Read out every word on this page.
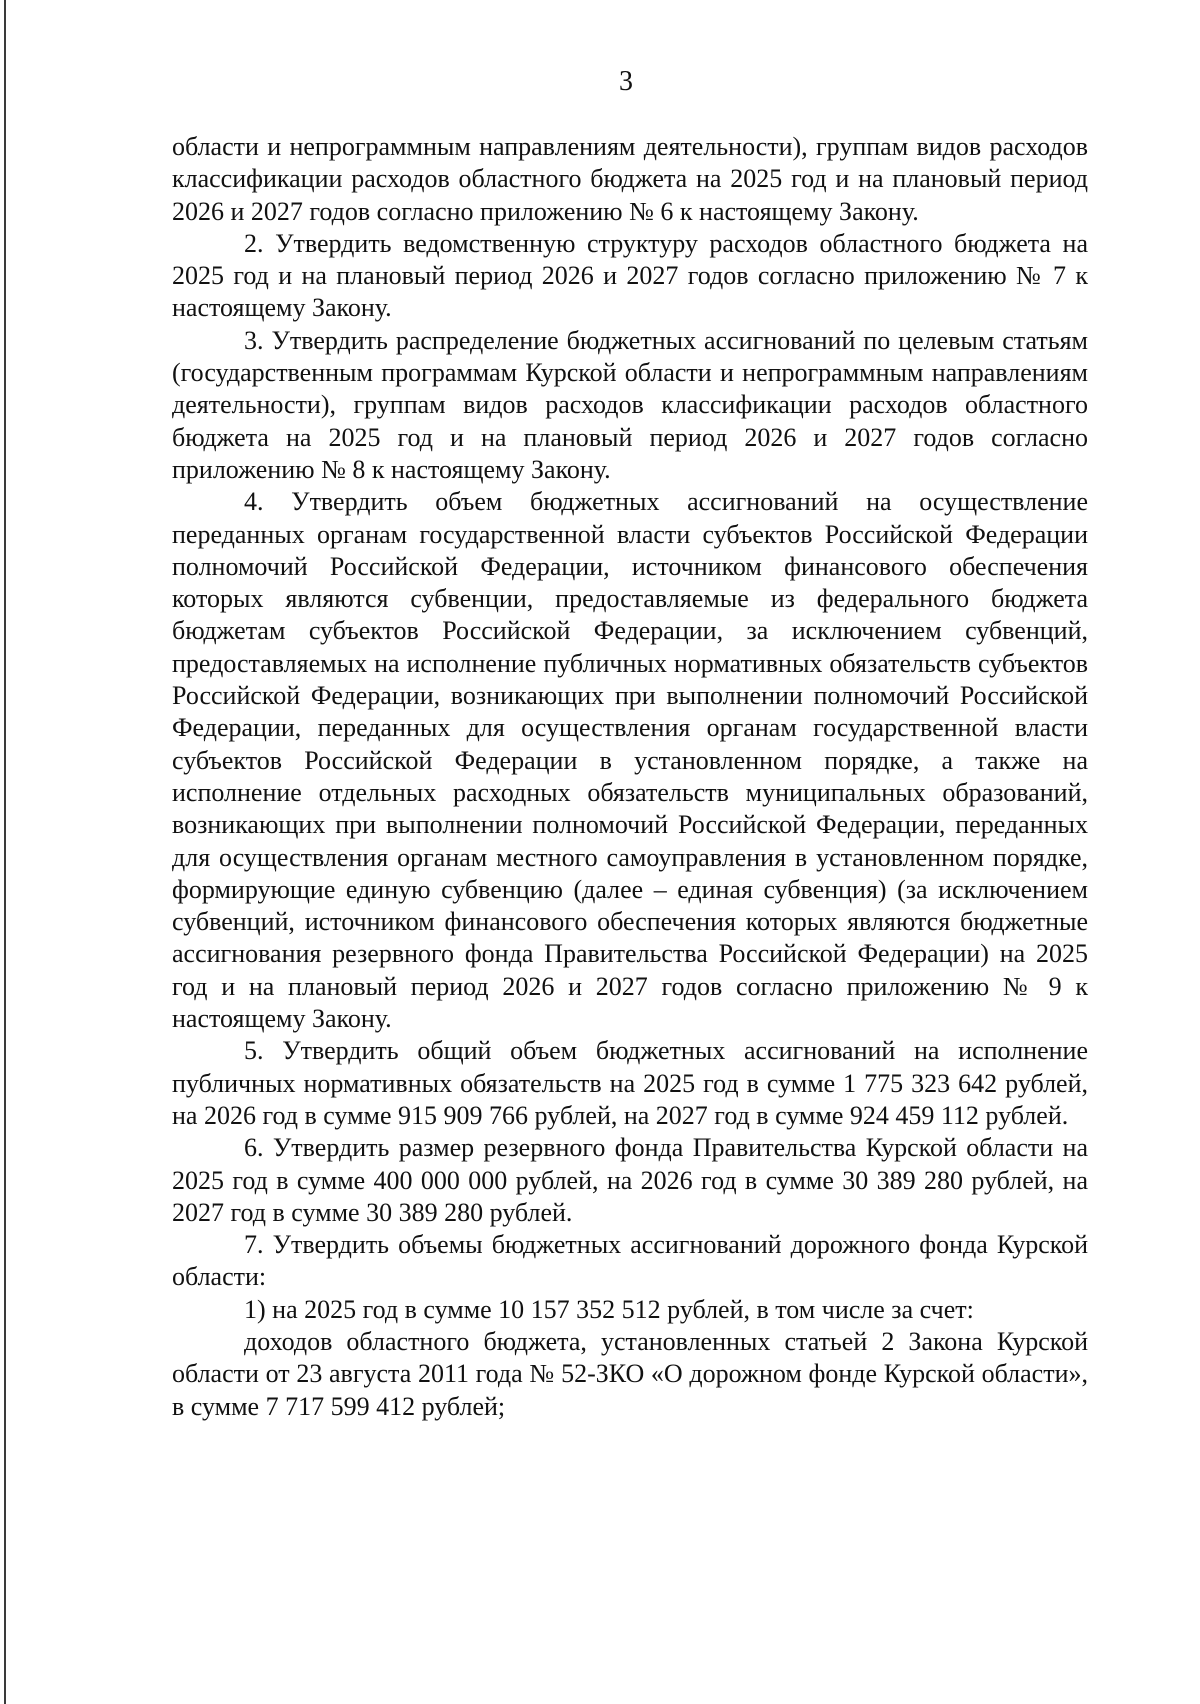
3

области и непрограммным направлениям деятельности), группам видов расходов классификации расходов областного бюджета на 2025 год и на плановый период 2026 и 2027 годов согласно приложению № 6 к настоящему Закону.

2. Утвердить ведомственную структуру расходов областного бюджета на 2025 год и на плановый период 2026 и 2027 годов согласно приложению № 7 к настоящему Закону.

3. Утвердить распределение бюджетных ассигнований по целевым статьям (государственным программам Курской области и непрограммным направлениям деятельности), группам видов расходов классификации расходов областного бюджета на 2025 год и на плановый период 2026 и 2027 годов согласно приложению № 8 к настоящему Закону.

4. Утвердить объем бюджетных ассигнований на осуществление переданных органам государственной власти субъектов Российской Федерации полномочий Российской Федерации, источником финансового обеспечения которых являются субвенции, предоставляемые из федерального бюджета бюджетам субъектов Российской Федерации, за исключением субвенций, предоставляемых на исполнение публичных нормативных обязательств субъектов Российской Федерации, возникающих при выполнении полномочий Российской Федерации, переданных для осуществления органам государственной власти субъектов Российской Федерации в установленном порядке, а также на исполнение отдельных расходных обязательств муниципальных образований, возникающих при выполнении полномочий Российской Федерации, переданных для осуществления органам местного самоуправления в установленном порядке, формирующие единую субвенцию (далее – единая субвенция) (за исключением субвенций, источником финансового обеспечения которых являются бюджетные ассигнования резервного фонда Правительства Российской Федерации) на 2025 год и на плановый период 2026 и 2027 годов согласно приложению № 9 к настоящему Закону.

5. Утвердить общий объем бюджетных ассигнований на исполнение публичных нормативных обязательств на 2025 год в сумме 1 775 323 642 рублей, на 2026 год в сумме 915 909 766 рублей, на 2027 год в сумме 924 459 112 рублей.

6. Утвердить размер резервного фонда Правительства Курской области на 2025 год в сумме 400 000 000 рублей, на 2026 год в сумме 30 389 280 рублей, на 2027 год в сумме 30 389 280 рублей.

7. Утвердить объемы бюджетных ассигнований дорожного фонда Курской области:

1) на 2025 год в сумме 10 157 352 512 рублей, в том числе за счет:

доходов областного бюджета, установленных статьей 2 Закона Курской области от 23 августа 2011 года № 52-ЗКО «О дорожном фонде Курской области», в сумме 7 717 599 412 рублей;
